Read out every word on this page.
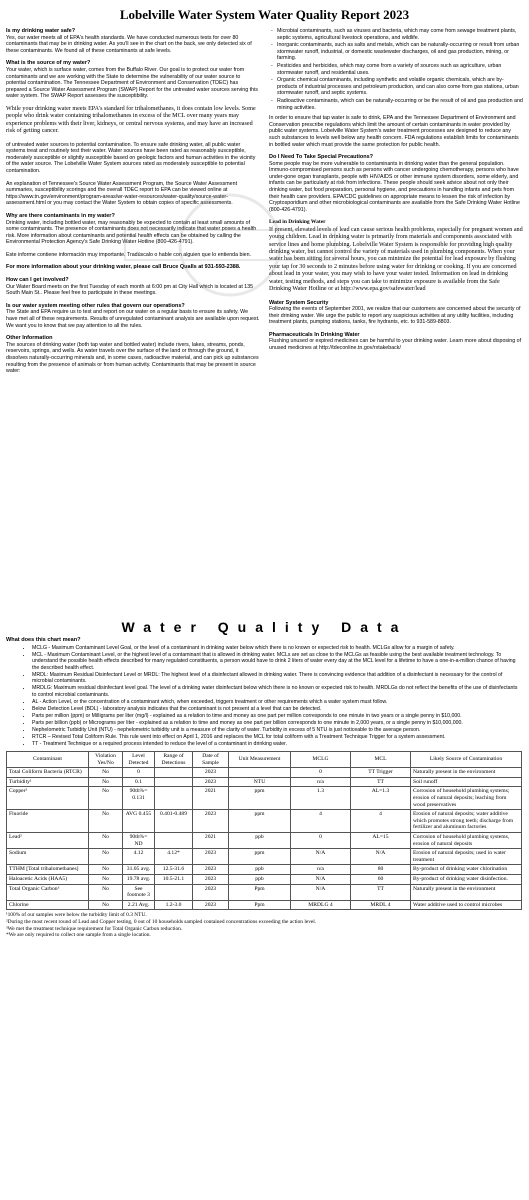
Lobelville Water System Water Quality Report 2023
Is my drinking water safe?
Yes, our water meets all of EPA's health standards. We have conducted numerous tests for over 80 contaminants that may be in drinking water. As you'll see in the chart on the back, we only detected six of these contaminants. We found all of these contaminants at safe levels.
What is the source of my water?
Your water, which is surface water, comes from the Buffalo River. Our goal is to protect our water from contaminants and we are working with the State to determine the vulnerability of our water source to potential contamination. The Tennessee Department of Environment and Conservation (TDEC) has prepared a Source Water Assessment Program (SWAP) Report for the untreated water sources serving this water system. The SWAP Report assesses the susceptibility.
While your drinking water meets EPA's standard for trihalomethanes, it does contain low levels. Some people who drink water containing trihalomethanes in excess of the MCL over many years may experience problems with their liver, kidneys, or central nervous systems, and may have an increased risk of getting cancer.
of untreated water sources to potential contamination. To ensure safe drinking water, all public water systems treat and routinely test their water. Water sources have been rated as reasonably susceptible, moderately susceptible or slightly susceptible based on geologic factors and human activities in the vicinity of the water source. The Lobelville Water System sources rated as moderately susceptible to potential contamination.
An explanation of Tennessee's Source Water Assessment Program, the Source Water Assessment summaries, susceptibility scorings and the overall TDEC report to EPA can be viewed online at https://www.tn.gov/environment/program-areas/wr-water-resources/water-quality/source-water-assessment.html or you may contact the Water System to obtain copies of specific assessments.
Why are there contaminants in my water?
Drinking water, including bottled water, may reasonably be expected to contain at least small amounts of some contaminants. The presence of contaminants does not necessarily indicate that water poses a health risk. More information about contaminants and potential health effects can be obtained by calling the Environmental Protection Agency's Safe Drinking Water Hotline (800-426-4791).
Este informe contiene información muy importante. Tradúscalo o hable con alguien que lo entienda bien.
For more information about your drinking water, please call Bruce Qualls at 931-593-2388.
How can I get involved?
Our Water Board meets on the first Tuesday of each month at 6:00 pm at City Hall which is located at 135 South Main St.. Please feel free to participate in these meetings.
Is our water system meeting other rules that govern our operations?
The State and EPA require us to test and report on our water on a regular basis to ensure its safety. We have met all of these requirements. Results of unregulated contaminant analysis are available upon request. We want you to know that we pay attention to all the rules.
Other Information
The sources of drinking water (both tap water and bottled water) include rivers, lakes, streams, ponds, reservoirs, springs, and wells. As water travels over the surface of the land or through the ground, it dissolves naturally-occurring minerals and, in some cases, radioactive material, and can pick up substances resulting from the presence of animals or from human activity. Contaminants that may be present in source water:
- Microbial contaminants, such as viruses and bacteria, which may come from sewage treatment plants, septic systems, agricultural livestock operations, and wildlife.
- Inorganic contaminants, such as salts and metals, which can be naturally-occurring or result from urban stormwater runoff, industrial, or domestic wastewater discharges, oil and gas production, mining, or farming.
- Pesticides and herbicides, which may come from a variety of sources such as agriculture, urban stormwater runoff, and residential uses.
- Organic chemical contaminants, including synthetic and volatile organic chemicals, which are by-products of industrial processes and petroleum production, and can also come from gas stations, urban stormwater runoff, and septic systems.
- Radioactive contaminants, which can be naturally-occurring or be the result of oil and gas production and mining activities.
In order to ensure that tap water is safe to drink, EPA and the Tennessee Department of Environment and Conservation prescribe regulations which limit the amount of certain contaminants in water provided by public water systems. Lobelville Water System's water treatment processes are designed to reduce any such substances to levels well below any health concern. FDA regulations establish limits for contaminants in bottled water which must provide the same protection for public health.
Do I Need To Take Special Precautions?
Some people may be more vulnerable to contaminants in drinking water than the general population. Immuno-compromised persons such as persons with cancer undergoing chemotherapy, persons who have under-gone organ transplants, people with HIV/AIDS or other immune system disorders, some elderly, and infants can be particularly at risk from infections. These people should seek advice about not only their drinking water, but food preparation, personal hygiene, and precautions in handling infants and pets from their health care providers. EPA/CDC guidelines on appropriate means to lessen the risk of infection by Cryptosporidium and other microbiological contaminants are available from the Safe Drinking Water Hotline (800-426-4791).
Lead in Drinking Water
If present, elevated levels of lead can cause serious health problems, especially for pregnant women and young children. Lead in drinking water is primarily from materials and components associated with service lines and home plumbing. Lobelville Water System is responsible for providing high quality drinking water, but cannot control the variety of materials used in plumbing components. When your water has been sitting for several hours, you can minimize the potential for lead exposure by flushing your tap for 30 seconds to 2 minutes before using water for drinking or cooking. If you are concerned about lead in your water, you may wish to have your water tested. Information on lead in drinking water, testing methods, and steps you can take to minimize exposure is available from the Safe Drinking Water Hotline or at http://www.epa.gov/safewater/lead
Water System Security
Following the events of September 2001, we realize that our customers are concerned about the security of their drinking water. We urge the public to report any suspicious activities at any utility facilities, including treatment plants, pumping stations, tanks, fire hydrants, etc. to 931-589-8803.
Pharmaceuticals In Drinking Water
Flushing unused or expired medicines can be harmful to your drinking water. Learn more about disposing of unused medicines at http://tdeconline.tn.gov/rxtakeback/
Water Quality Data
What does this chart mean?
• MCLG - Maximum Contaminant Level Goal, or the level of a contaminant in drinking water below which there is no known or expected risk to health. MCLGs allow for a margin of safety.
• MCL - Maximum Contaminant Level, or the highest level of a contaminant that is allowed in drinking water. MCLs are set as close to the MCLGs as feasible using the best available treatment technology. To understand the possible health effects described for many regulated constituents, a person would have to drink 2 liters of water every day at the MCL level for a lifetime to have a one-in-a-million chance of having the described health effect.
• MRDL: Maximum Residual Disinfectant Level or MRDL: The highest level of a disinfectant allowed in drinking water. There is convincing evidence that addition of a disinfectant is necessary for the control of microbial contaminants.
• MRDLG: Maximum residual disinfectant level goal. The level of a drinking water disinfectant below which there is no known or expected risk to health. MRDLGs do not reflect the benefits of the use of disinfectants to control microbial contaminants.
• AL - Action Level, or the concentration of a contaminant which, when exceeded, triggers treatment or other requirements which a water system must follow.
• Below Detection Level (BDL) - laboratory analysis indicates that the contaminant is not present at a level that can be detected.
• Parts per million (ppm) or Milligrams per liter (mg/l) - explained as a relation to time and money as one part per million corresponds to one minute in two years or a single penny in $10,000.
• Parts per billion (ppb) or Micrograms per liter - explained as a relation to time and money as one part per billion corresponds to one minute in 2,000 years, or a single penny in $10,000,000.
• Nephelometric Turbidity Unit (NTU) - nephelometric turbidity unit is a measure of the clarity of water. Turbidity in excess of 5 NTU is just noticeable to the average person.
• RTCR – Revised Total Coliform Rule. This rule went into effect on April 1, 2016 and replaces the MCL for total coliform with a Treatment Technique Trigger for a system assessment.
• TT - Treatment Technique or a required process intended to reduce the level of a contaminant in drinking water.
Contaminant	Violation Yes/No	Level Detected	Range of Detections	Date of Sample	Unit Measurement	MCLG	MCL	Likely Source of Contamination
Total Coliform Bacteria (RTCR)	No	0		2023		0	TT Trigger	Naturally present in the environment
Turbidity¹	No	0.1		2023	NTU	n/a	TT	Soil runoff
Copper²	No	90th%= 0.131		2021	ppm	1.3	AL=1.3	Corrosion of household plumbing systems; erosion of natural deposits; leaching from wood preservatives
Fluoride	No	AVG 0.455	0.401-0.489	2023	ppm	4	4	Erosion of natural deposits; water additive which promotes strong teeth; discharge from fertilizer and aluminum factories
Lead²	No	90th%= ND		2021	ppb	0	AL=15	Corrosion of household plumbing systems, erosion of natural deposits
Sodium	No	4.12	4.12*	2023	ppm	N/A	N/A	Erosion of natural deposits; used in water treatment
TTHM [Total trihalomethanes]	No	31.05 avg.	12.5-31.6	2023	ppb	n/a	80	By-product of drinking water chlorination
Haloacetic Acids (HAA5)	No	19.78 avg.	10.5-21.1	2023	ppb	N/A	60	By-product of drinking water disinfection.
Total Organic Carbon³	No	See footnote 3		2023	Ppm	N/A	TT	Naturally present in the environment
Chlorine	No	2.21 Avg.	1.2-3.0	2023	Ppm	MRDLG 4	MRDL 4	Water additive used to control microbes

¹100% of our samples were below the turbidity limit of 0.3 NTU.

²During the most recent round of Lead and Copper testing, 0 out of 10 households sampled contained concentrations exceeding the action level.

³We met the treatment technique requirement for Total Organic Carbon reduction.

*We are only required to collect one sample from a single location.
